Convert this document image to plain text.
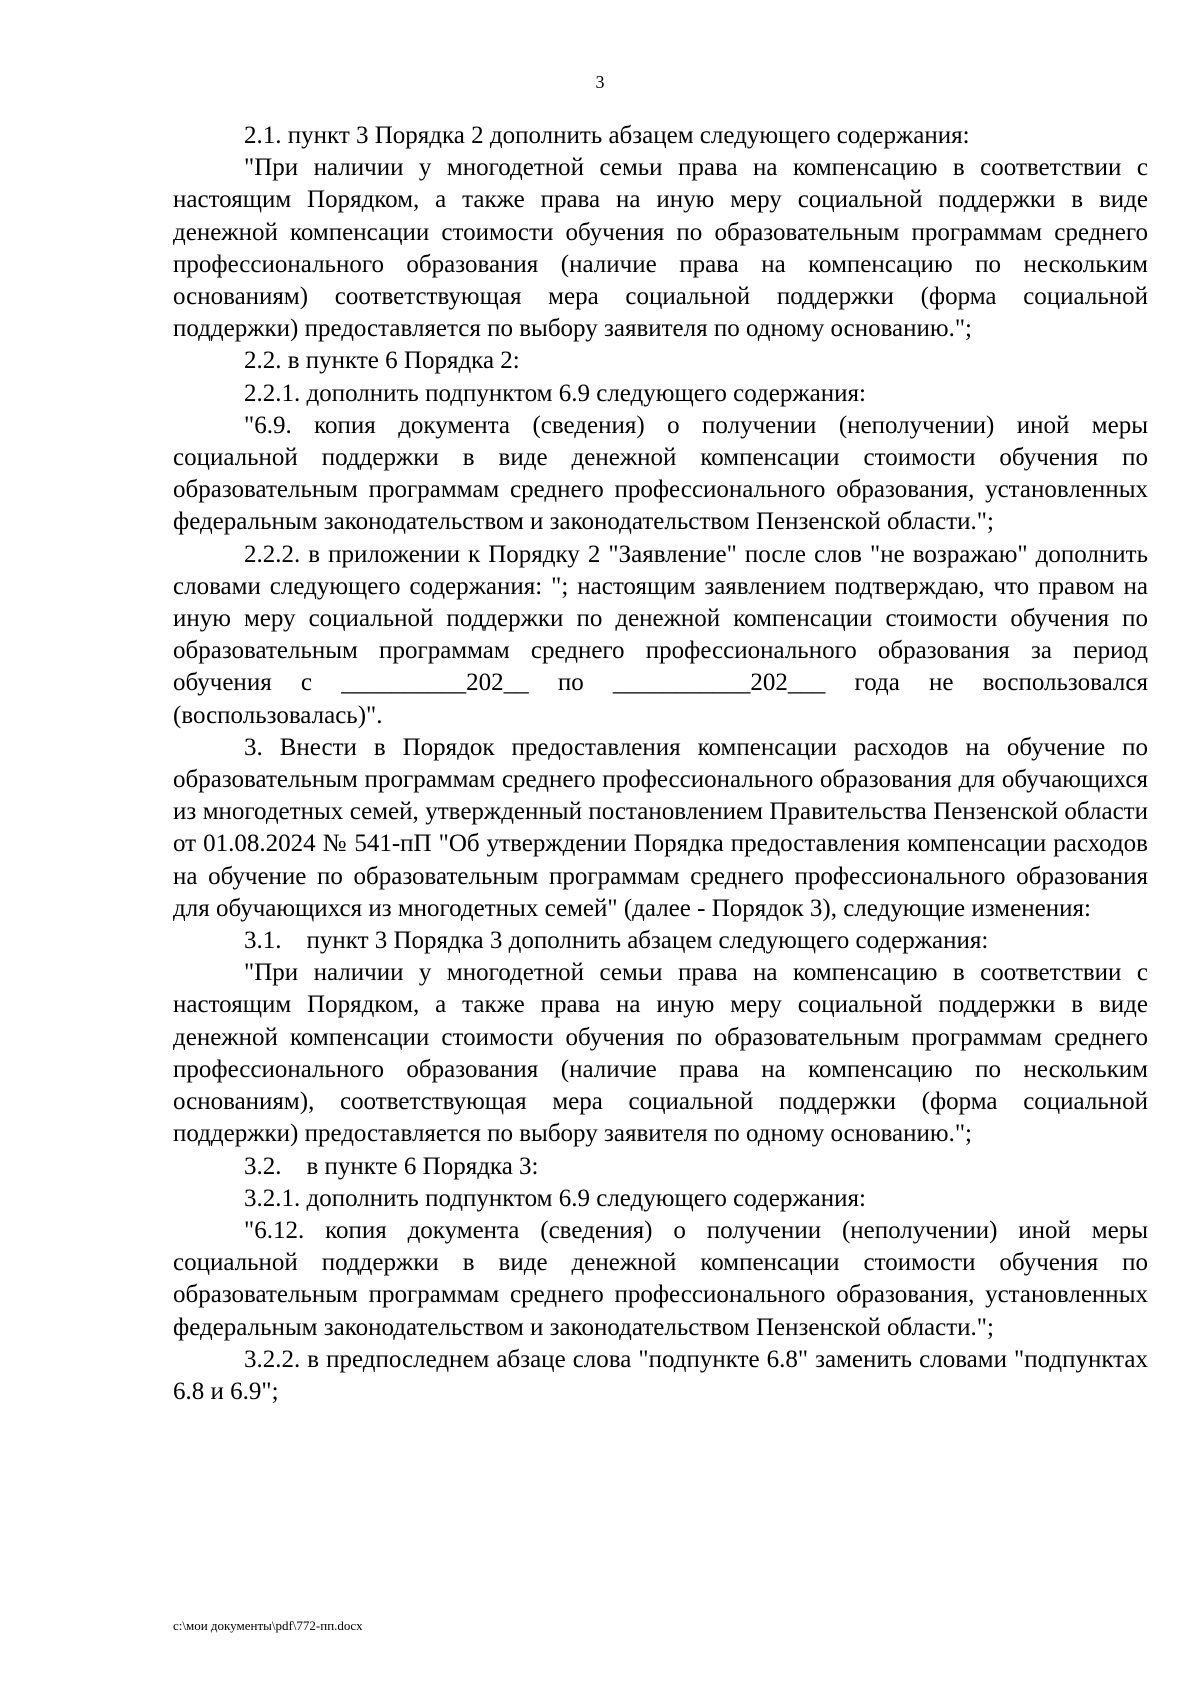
3

2.1. пункт 3 Порядка 2 дополнить абзацем следующего содержания:

"При наличии у многодетной семьи права на компенсацию в соответствии с настоящим Порядком, а также права на иную меру социальной поддержки в виде денежной компенсации стоимости обучения по образовательным программам среднего профессионального образования (наличие права на компенсацию по нескольким основаниям) соответствующая мера социальной поддержки (форма социальной поддержки) предоставляется по выбору заявителя по одному основанию.";

2.2. в пункте 6 Порядка 2:

2.2.1. дополнить подпунктом 6.9 следующего содержания:

"6.9. копия документа (сведения) о получении (неполучении) иной меры социальной поддержки в виде денежной компенсации стоимости обучения по образовательным программам среднего профессионального образования, установленных федеральным законодательством и законодательством Пензенской области.";

2.2.2. в приложении к Порядку 2 "Заявление" после слов "не возражаю" дополнить словами следующего содержания: "; настоящим заявлением подтверждаю, что правом на иную меру социальной поддержки по денежной компенсации стоимости обучения по образовательным программам среднего профессионального образования за период обучения с __________202__ по ___________202___ года не воспользовался (воспользовалась)".

3. Внести в Порядок предоставления компенсации расходов на обучение по образовательным программам среднего профессионального образования для обучающихся из многодетных семей, утвержденный постановлением Правительства Пензенской области от 01.08.2024 № 541-пП "Об утверждении Порядка предоставления компенсации расходов на обучение по образовательным программам среднего профессионального образования для обучающихся из многодетных семей" (далее - Порядок 3), следующие изменения:

3.1.    пункт 3 Порядка 3 дополнить абзацем следующего содержания:

"При наличии у многодетной семьи права на компенсацию в соответствии с настоящим Порядком, а также права на иную меру социальной поддержки в виде денежной компенсации стоимости обучения по образовательным программам среднего профессионального образования (наличие права на компенсацию по нескольким основаниям), соответствующая мера социальной поддержки (форма социальной поддержки) предоставляется по выбору заявителя по одному основанию.";

3.2.    в пункте 6 Порядка 3:

3.2.1. дополнить подпунктом 6.9 следующего содержания:

"6.12. копия документа (сведения) о получении (неполучении) иной меры социальной поддержки в виде денежной компенсации стоимости обучения по образовательным программам среднего профессионального образования, установленных федеральным законодательством и законодательством Пензенской области.";

3.2.2. в предпоследнем абзаце слова "подпункте 6.8" заменить словами "подпунктах 6.8 и 6.9";

c:\мои документы\pdf\772-пп.docx
